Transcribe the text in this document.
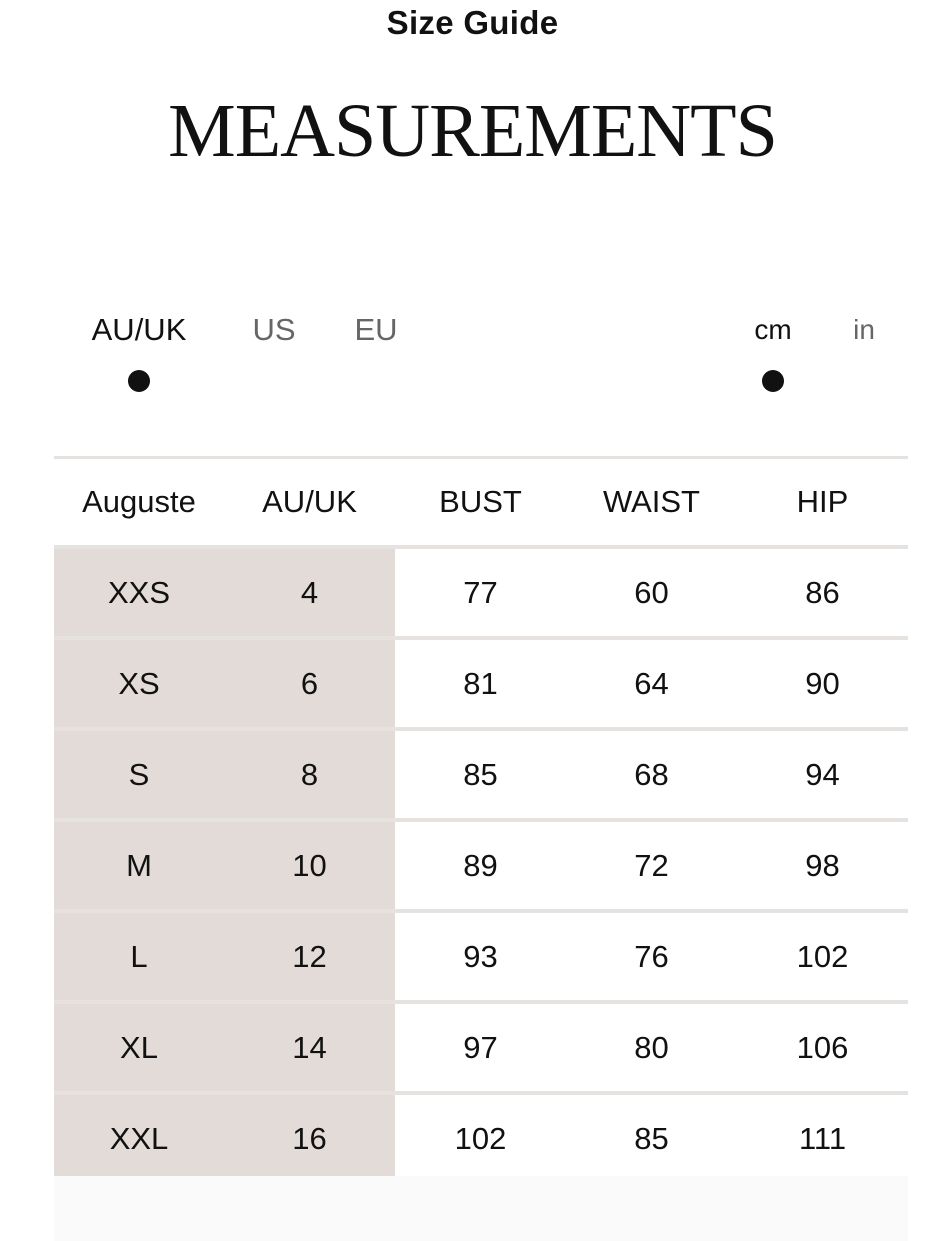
Size Guide
MEASUREMENTS
AU/UK	US	EU	cm	in
Auguste	AU/UK	BUST	WAIST	HIP
XXS	4	77	60	86
XS	6	81	64	90
S	8	85	68	94
M	10	89	72	98
L	12	93	76	102
XL	14	97	80	106
XXL	16	102	85	111
